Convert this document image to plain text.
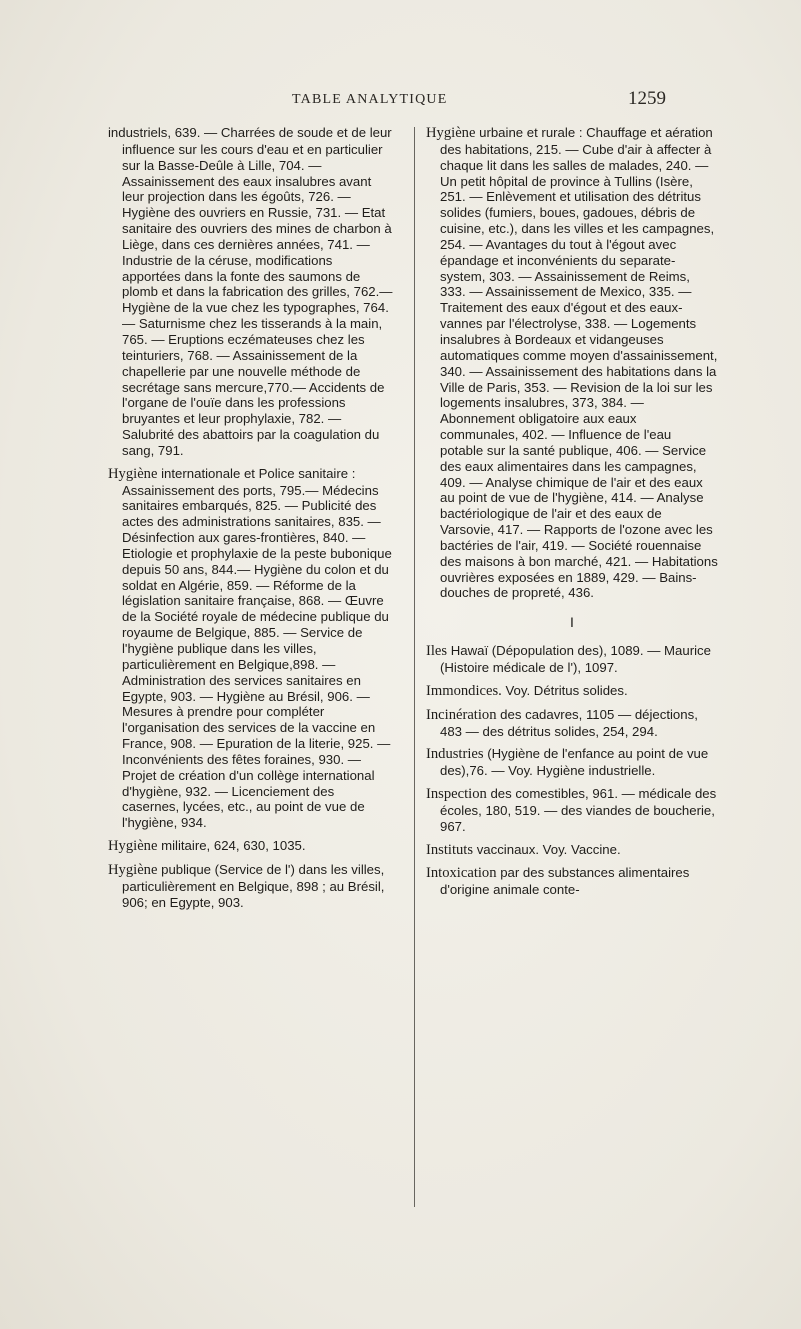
TABLE ANALYTIQUE	1259

industriels, 639. — Charrées de soude et de leur influence sur les cours d'eau et en particulier sur la Basse-Deûle à Lille, 704. — Assainissement des eaux insalubres avant leur projection dans les égoûts, 726. — Hygiène des ouvriers en Russie, 731. — Etat sanitaire des ouvriers des mines de charbon à Liège, dans ces dernières années, 741. — Industrie de la céruse, modifications apportées dans la fonte des saumons de plomb et dans la fabrication des grilles, 762.— Hygiène de la vue chez les typographes, 764. — Saturnisme chez les tisserands à la main, 765. — Eruptions eczémateuses chez les teinturiers, 768. — Assainissement de la chapellerie par une nouvelle méthode de secrétage sans mercure,770.— Accidents de l'organe de l'ouïe dans les professions bruyantes et leur prophylaxie, 782. — Salubrité des abattoirs par la coagulation du sang, 791.

Hygiène internationale et Police sanitaire : Assainissement des ports, 795.— Médecins sanitaires embarqués, 825. — Publicité des actes des administrations sanitaires, 835. — Désinfection aux gares-frontières, 840. — Etiologie et prophylaxie de la peste bubonique depuis 50 ans, 844.— Hygiène du colon et du soldat en Algérie, 859. — Réforme de la législation sanitaire française, 868. — Œuvre de la Société royale de médecine publique du royaume de Belgique, 885. — Service de l'hygiène publique dans les villes, particulièrement en Belgique,898. — Administration des services sanitaires en Egypte, 903. — Hygiène au Brésil, 906. — Mesures à prendre pour compléter l'organisation des services de la vaccine en France, 908. — Epuration de la literie, 925. — Inconvénients des fêtes foraines, 930. — Projet de création d'un collège international d'hygiène, 932. — Licenciement des casernes, lycées, etc., au point de vue de l'hygiène, 934.

Hygiène militaire, 624, 630, 1035.

Hygiène publique (Service de l') dans les villes, particulièrement en Belgique, 898 ; au Brésil, 906; en Egypte, 903.

Hygiène urbaine et rurale : Chauffage et aération des habitations, 215. — Cube d'air à affecter à chaque lit dans les salles de malades, 240. — Un petit hôpital de province à Tullins (Isère, 251. — Enlèvement et utilisation des détritus solides (fumiers, boues, gadoues, débris de cuisine, etc.), dans les villes et les campagnes, 254. — Avantages du tout à l'égout avec épandage et inconvénients du separate-system, 303. — Assainissement de Reims, 333. — Assainissement de Mexico, 335. — Traitement des eaux d'égout et des eaux-vannes par l'électrolyse, 338. — Logements insalubres à Bordeaux et vidangeuses automatiques comme moyen d'assainissement, 340. — Assainissement des habitations dans la Ville de Paris, 353. — Revision de la loi sur les logements insalubres, 373, 384. — Abonnement obligatoire aux eaux communales, 402. — Influence de l'eau potable sur la santé publique, 406. — Service des eaux alimentaires dans les campagnes, 409. — Analyse chimique de l'air et des eaux au point de vue de l'hygiène, 414. — Analyse bactériologique de l'air et des eaux de Varsovie, 417. — Rapports de l'ozone avec les bactéries de l'air, 419. — Société rouennaise des maisons à bon marché, 421. — Habitations ouvrières exposées en 1889, 429. — Bains-douches de propreté, 436.

I

Iles Hawaï (Dépopulation des), 1089. — Maurice (Histoire médicale de l'), 1097.

Immondices. Voy. Détritus solides.

Incinération des cadavres, 1105 — déjections, 483 — des détritus solides, 254, 294.

Industries (Hygiène de l'enfance au point de vue des),76. — Voy. Hygiène industrielle.

Inspection des comestibles, 961. — médicale des écoles, 180, 519. — des viandes de boucherie, 967.

Instituts vaccinaux. Voy. Vaccine.

Intoxication par des substances alimentaires d'origine animale conte-
